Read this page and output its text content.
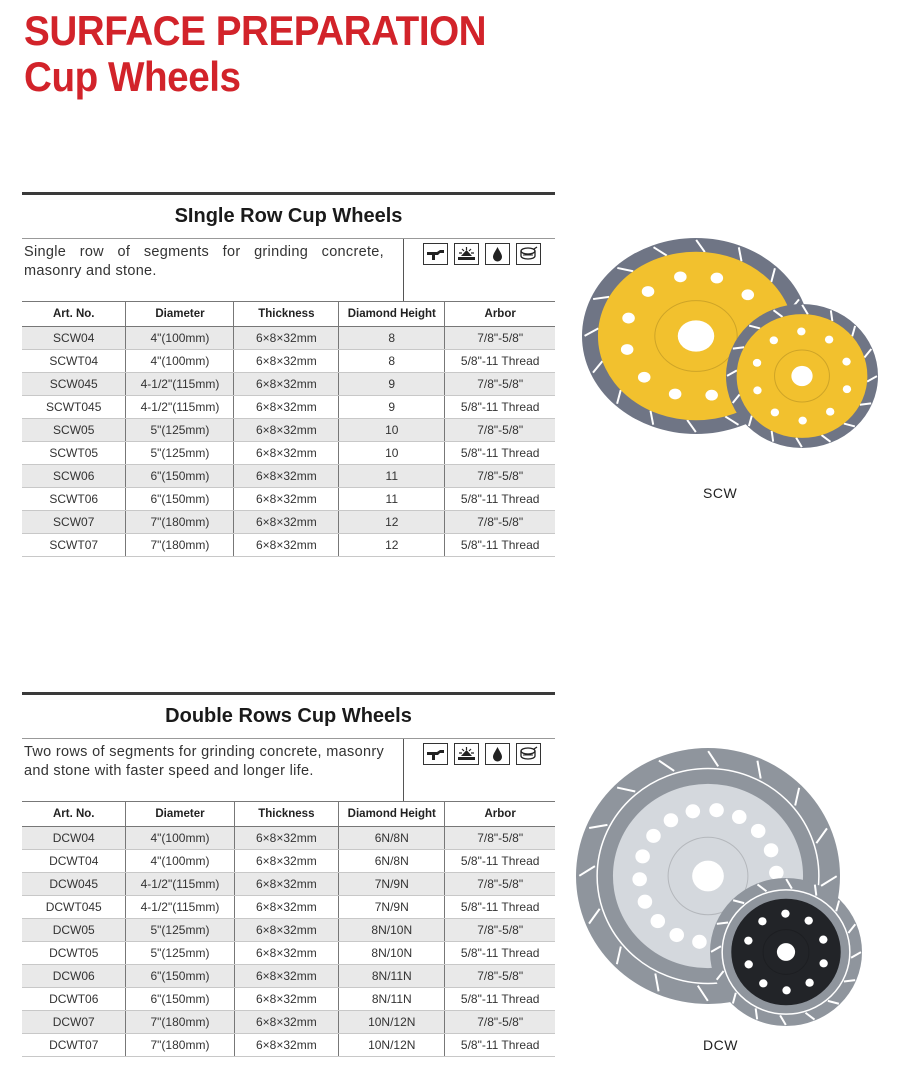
SURFACE PREPARATION
Cup Wheels
SIngle Row Cup Wheels
Single row of segments for grinding concrete, masonry and stone.
Art. No.	Diameter	Thickness	Diamond Height	Arbor
SCW04	4"(100mm)	6×8×32mm	8	7/8"-5/8"
SCWT04	4"(100mm)	6×8×32mm	8	5/8"-11 Thread
SCW045	4-1/2"(115mm)	6×8×32mm	9	7/8"-5/8"
SCWT045	4-1/2"(115mm)	6×8×32mm	9	5/8"-11 Thread
SCW05	5"(125mm)	6×8×32mm	10	7/8"-5/8"
SCWT05	5"(125mm)	6×8×32mm	10	5/8"-11 Thread
SCW06	6"(150mm)	6×8×32mm	11	7/8"-5/8"
SCWT06	6"(150mm)	6×8×32mm	11	5/8"-11 Thread
SCW07	7"(180mm)	6×8×32mm	12	7/8"-5/8"
SCWT07	7"(180mm)	6×8×32mm	12	5/8"-11 Thread
SCW
Double Rows Cup Wheels
Two rows of segments for grinding concrete, masonry and stone with faster speed and longer life.
Art. No.	Diameter	Thickness	Diamond Height	Arbor
DCW04	4"(100mm)	6×8×32mm	6N/8N	7/8"-5/8"
DCWT04	4"(100mm)	6×8×32mm	6N/8N	5/8"-11 Thread
DCW045	4-1/2"(115mm)	6×8×32mm	7N/9N	7/8"-5/8"
DCWT045	4-1/2"(115mm)	6×8×32mm	7N/9N	5/8"-11 Thread
DCW05	5"(125mm)	6×8×32mm	8N/10N	7/8"-5/8"
DCWT05	5"(125mm)	6×8×32mm	8N/10N	5/8"-11 Thread
DCW06	6"(150mm)	6×8×32mm	8N/11N	7/8"-5/8"
DCWT06	6"(150mm)	6×8×32mm	8N/11N	5/8"-11 Thread
DCW07	7"(180mm)	6×8×32mm	10N/12N	7/8"-5/8"
DCWT07	7"(180mm)	6×8×32mm	10N/12N	5/8"-11 Thread	DCW
